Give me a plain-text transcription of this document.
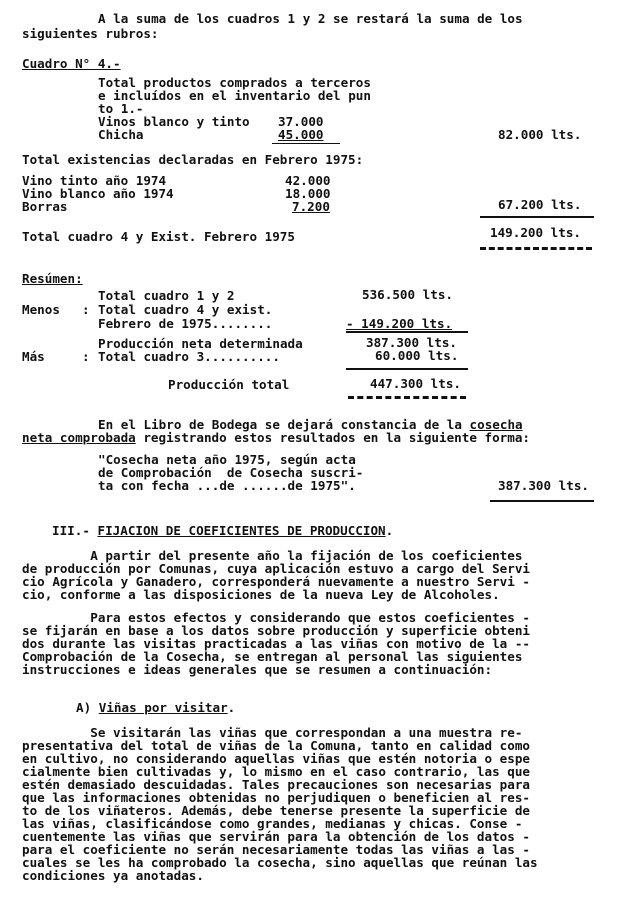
A la suma de los cuadros 1 y 2 se restará la suma de los
siguientes rubros:
Cuadro N° 4.-
Total productos comprados a terceros
e incluídos en el inventario del pun
to 1.-
Vinos blanco y tinto 37.000
Chicha	45.000	82.000 lts.
Total existencias declaradas en Febrero 1975:
Vino tinto año 1974	42.000
Vino blanco año 1974	18.000
Borras	7.200	67.200 lts.
Total cuadro 4 y Exist. Febrero 1975	149.200 lts.
Resúmen:
Total cuadro 1 y 2	536.500 lts.
Menos : Total cuadro 4 y exist.
Febrero de 1975........	- 149.200 lts.
Producción neta determinada	387.300 lts.
Más	: Total cuadro 3..........	60.000 lts.
Producción total	447.300 lts.
En el Libro de Bodega se dejará constancia de la cosecha
neta comprobada registrando estos resultados en la siguiente forma:
"Cosecha neta año 1975, según acta
de Comprobación  de Cosecha suscri-
ta con fecha ...de ......de 1975".	387.300 lts.
III.- FIJACION DE COEFICIENTES DE PRODUCCION.
A partir del presente año la fijación de los coeficientes
de producción por Comunas, cuya aplicación estuvo a cargo del Servi
cio Agrícola y Ganadero, corresponderá nuevamente a nuestro Servi -
cio, conforme a las disposiciones de la nueva Ley de Alcoholes.
Para estos efectos y considerando que estos coeficientes -
se fijarán en base a los datos sobre producción y superficie obteni
dos durante las visitas practicadas a las viñas con motivo de la --
Comprobación de la Cosecha, se entregan al personal las siguientes
instrucciones e ideas generales que se resumen a continuación:
A) Viñas por visitar.
Se visitarán las viñas que correspondan a una muestra re-
presentativa del total de viñas de la Comuna, tanto en calidad como
en cultivo, no considerando aquellas viñas que estén notoria o espe
cialmente bien cultivadas y, lo mismo en el caso contrario, las que
estén demasiado descuidadas. Tales precauciones son necesarias para
que las informaciones obtenidas no perjudiquen o beneficien al res-
to de los viñateros. Además, debe tenerse presente la superficie de
las viñas, clasificándose como grandes, medianas y chicas. Conse -
cuentemente las viñas que servirán para la obtención de los datos -
para el coeficiente no serán necesariamente todas las viñas a las -
cuales se les ha comprobado la cosecha, sino aquellas que reúnan las
condiciones ya anotadas.
